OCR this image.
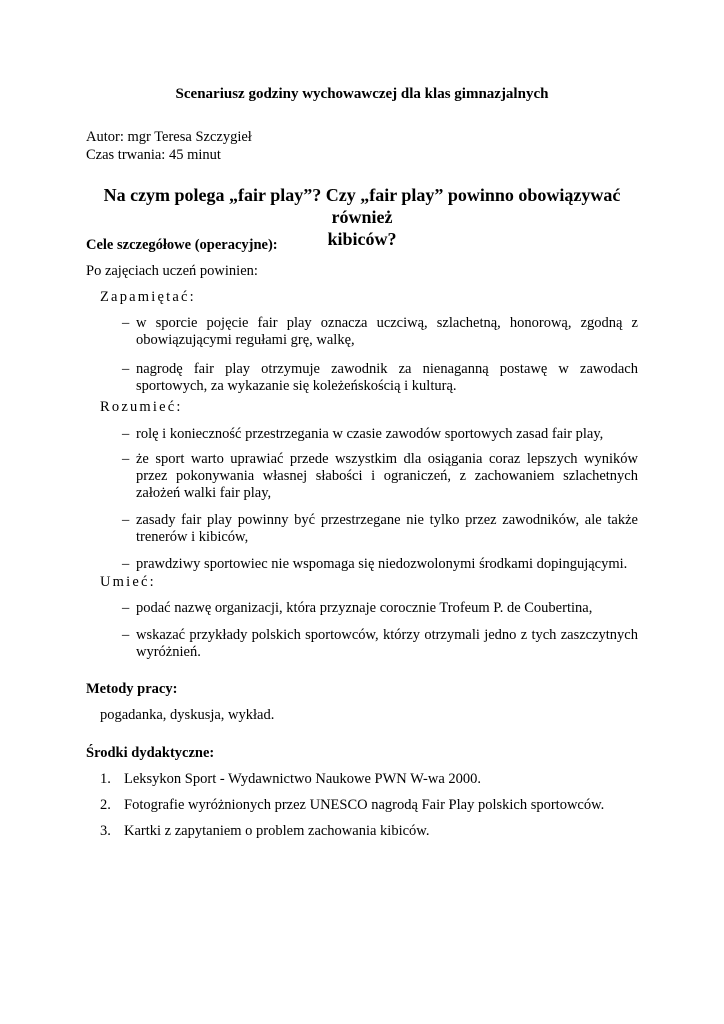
Scenariusz godziny wychowawczej dla klas gimnazjalnych
Autor: mgr Teresa Szczygieł
Czas trwania: 45 minut
Na czym polega „fair play”? Czy „fair play” powinno obowiązywać również
kibiców?
Cele szczegółowe (operacyjne):
Po zajęciach uczeń powinien:
Zapamiętać:
– w sporcie pojęcie fair play oznacza uczciwą, szlachetną, honorową, zgodną z obowiązującymi regułami grę, walkę,
– nagrodę fair play otrzymuje zawodnik za nienaganną postawę w zawodach sportowych, za wykazanie się koleżeńskością i kulturą.
Rozumieć:
– rolę i konieczność przestrzegania w czasie zawodów sportowych zasad fair play,
– że sport warto uprawiać przede wszystkim dla osiągania coraz lepszych wyników przez pokonywania własnej słabości i ograniczeń, z zachowaniem szlachetnych założeń walki fair play,
– zasady fair play powinny być przestrzegane nie tylko przez zawodników, ale także trenerów i kibiców,
– prawdziwy sportowiec nie wspomaga się niedozwolonymi środkami dopingującymi.
Umieć:
– podać nazwę organizacji, która przyznaje corocznie Trofeum P. de Coubertina,
– wskazać przykłady polskich sportowców, którzy otrzymali jedno z tych zaszczytnych wyróżnień.
Metody pracy:
pogadanka, dyskusja, wykład.
Środki dydaktyczne:
1. Leksykon Sport - Wydawnictwo Naukowe PWN W-wa 2000.
2. Fotografie wyróżnionych przez UNESCO nagrodą Fair Play polskich sportowców.
3. Kartki z zapytaniem o problem zachowania kibiców.
